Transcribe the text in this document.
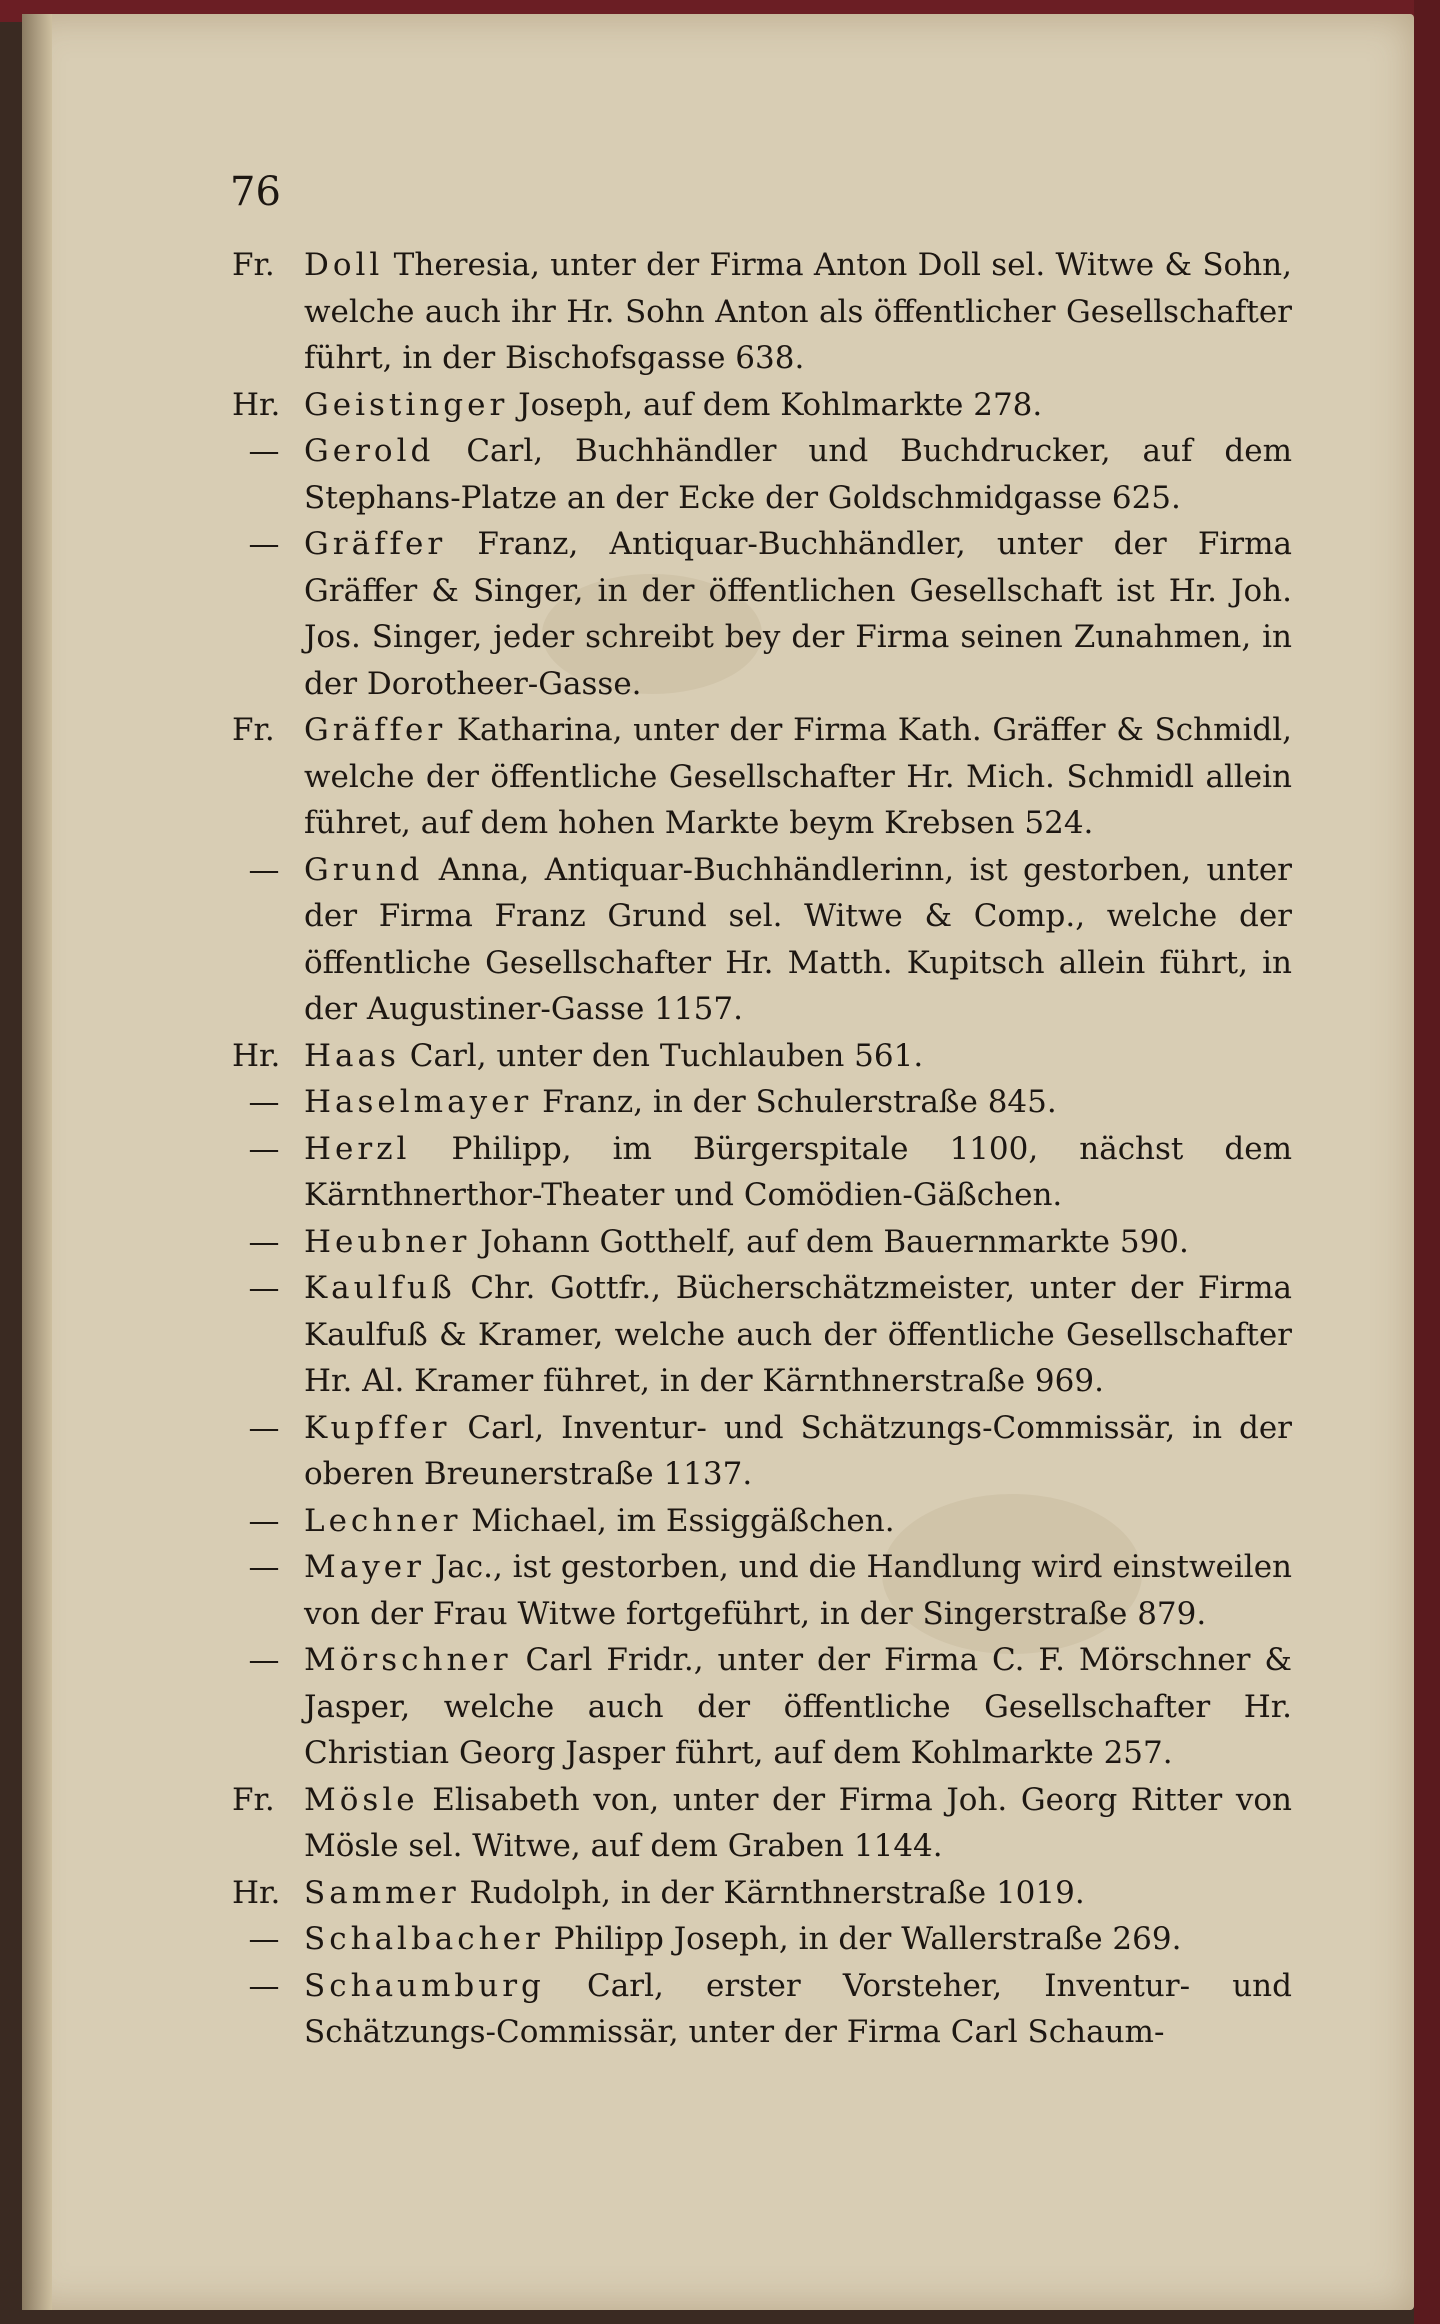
76
Fr. Doll Theresia, unter der Firma Anton Doll sel. Witwe & Sohn, welche auch ihr Hr. Sohn Anton als öffentlicher Gesellschafter führt, in der Bischofsgasse 638.
Hr. Geistinger Joseph, auf dem Kohlmarkte 278.
— Gerold Carl, Buchhändler und Buchdrucker, auf dem Stephans-Platze an der Ecke der Goldschmidgasse 625.
— Gräffer Franz, Antiquar-Buchhändler, unter der Firma Gräffer & Singer, in der öffentlichen Gesellschaft ist Hr. Joh. Jos. Singer, jeder schreibt bey der Firma seinen Zunahmen, in der Dorotheer-Gasse.
Fr. Gräffer Katharina, unter der Firma Kath. Gräffer & Schmidl, welche der öffentliche Gesellschafter Hr. Mich. Schmidl allein führet, auf dem hohen Markte beym Krebsen 524.
— Grund Anna, Antiquar-Buchhändlerinn, ist gestorben, unter der Firma Franz Grund sel. Witwe & Comp., welche der öffentliche Gesellschafter Hr. Matth. Kupitsch allein führt, in der Augustiner-Gasse 1157.
Hr. Haas Carl, unter den Tuchlauben 561.
— Haselmayer Franz, in der Schulerstraße 845.
— Herzl Philipp, im Bürgerspitale 1100, nächst dem Kärnthnerthor-Theater und Comödien-Gäßchen.
— Heubner Johann Gotthelf, auf dem Bauernmarkte 590.
— Kaulfuß Chr. Gottfr., Bücherschätzmeister, unter der Firma Kaulfuß & Kramer, welche auch der öffentliche Gesellschafter Hr. Al. Kramer führet, in der Kärnthnerstraße 969.
— Kupffer Carl, Inventur- und Schätzungs-Commissär, in der oberen Breunerstraße 1137.
— Lechner Michael, im Essiggäßchen.
— Mayer Jac., ist gestorben, und die Handlung wird einstweilen von der Frau Witwe fortgeführt, in der Singerstraße 879.
— Mörschner Carl Fridr., unter der Firma C. F. Mörschner & Jasper, welche auch der öffentliche Gesellschafter Hr. Christian Georg Jasper führt, auf dem Kohlmarkte 257.
Fr. Mösle Elisabeth von, unter der Firma Joh. Georg Ritter von Mösle sel. Witwe, auf dem Graben 1144.
Hr. Sammer Rudolph, in der Kärnthnerstraße 1019.
— Schalbacher Philipp Joseph, in der Wallerstraße 269.
— Schaumburg Carl, erster Vorsteher, Inventur- und Schätzungs-Commissär, unter der Firma Carl Schaum-
